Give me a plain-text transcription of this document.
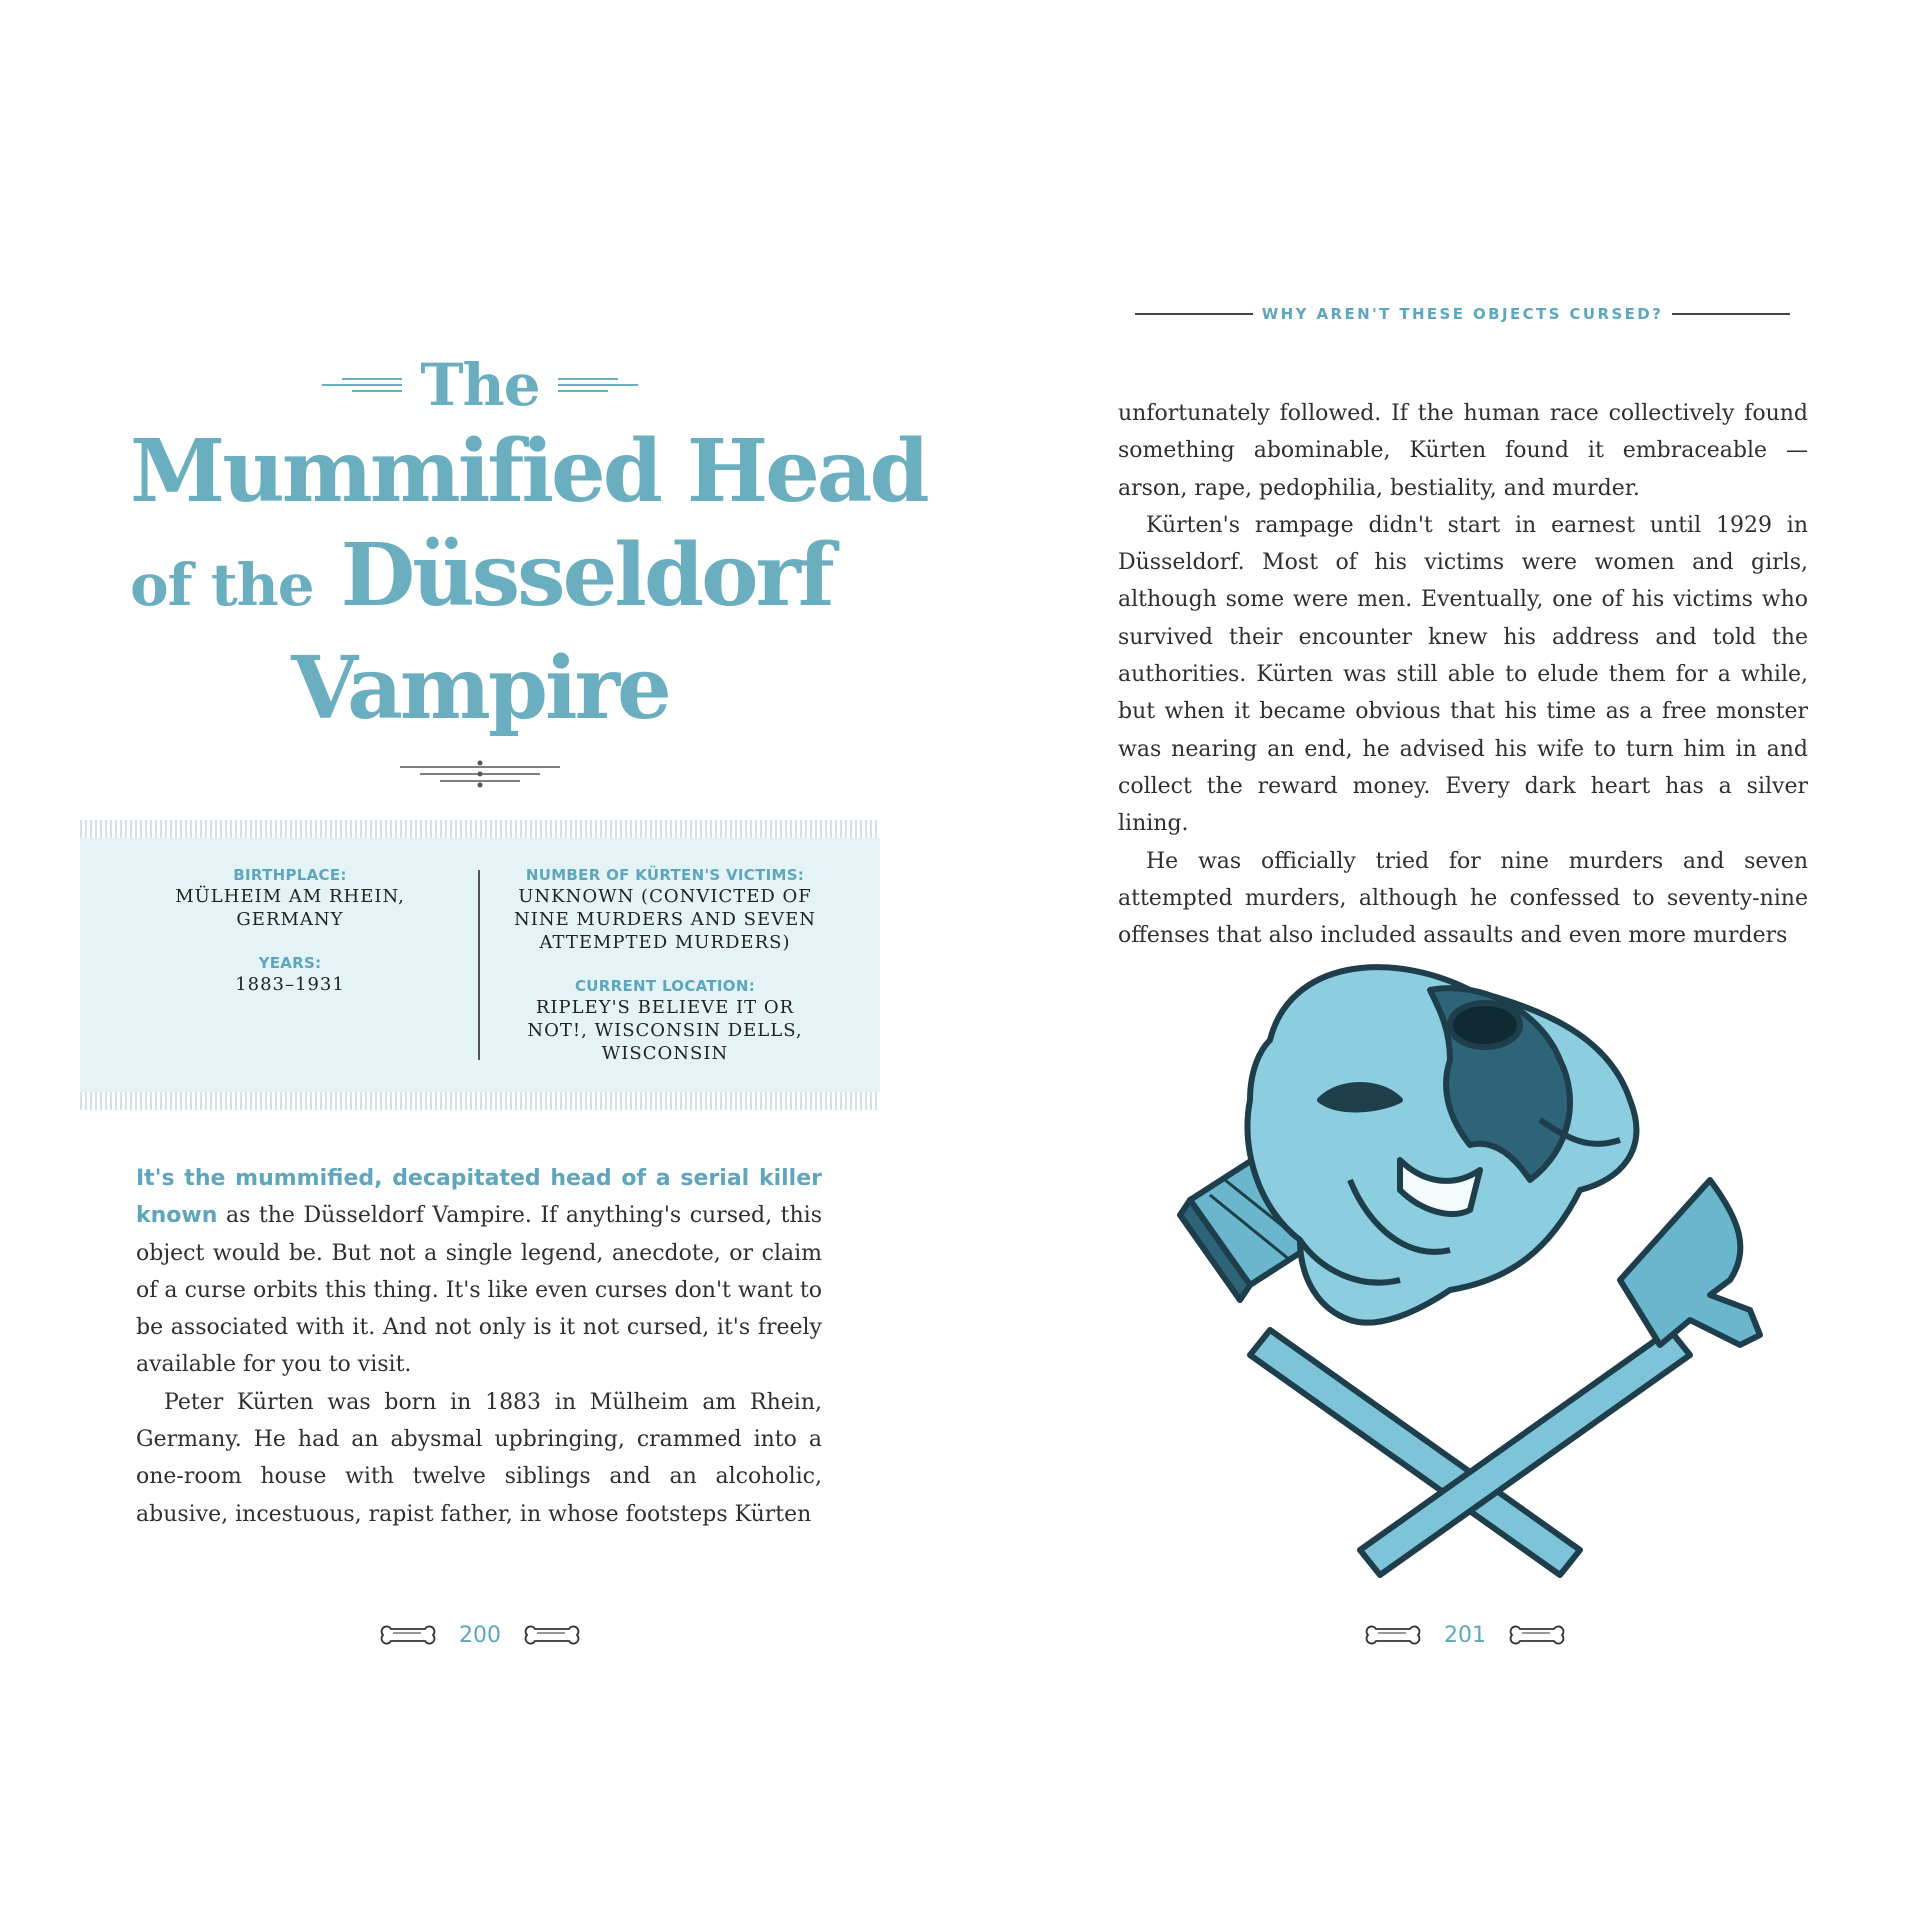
The
Mummified Head
of the Düsseldorf
Vampire
BIRTHPLACE:
MÜLHEIM AM RHEIN,
GERMANY
YEARS:
1883–1931
NUMBER OF KÜRTEN'S VICTIMS:
UNKNOWN (CONVICTED OF
NINE MURDERS AND SEVEN
ATTEMPTED MURDERS)
CURRENT LOCATION:
RIPLEY'S BELIEVE IT OR
NOT!, WISCONSIN DELLS,
WISCONSIN

It's the mummified, decapitated head of a serial killer known as the Düsseldorf Vampire. If anything's cursed, this object would be. But not a single legend, anecdote, or claim of a curse orbits this thing. It's like even curses don't want to be associated with it. And not only is it not cursed, it's freely available for you to visit.

Peter Kürten was born in 1883 in Mülheim am Rhein, Germany. He had an abysmal upbringing, crammed into a one-room house with twelve siblings and an alcoholic, abusive, incestuous, rapist father, in whose footsteps Kürten

200
WHY AREN'T THESE OBJECTS CURSED?

unfortunately followed. If the human race collectively found something abominable, Kürten found it embraceable — arson, rape, pedophilia, bestiality, and murder.

Kürten's rampage didn't start in earnest until 1929 in Düsseldorf. Most of his victims were women and girls, although some were men. Eventually, one of his victims who survived their encounter knew his address and told the authorities. Kürten was still able to elude them for a while, but when it became obvious that his time as a free monster was nearing an end, he advised his wife to turn him in and collect the reward money. Every dark heart has a silver lining.

He was officially tried for nine murders and seven attempted murders, although he confessed to seventy-nine offenses that also included assaults and even more murders

201
